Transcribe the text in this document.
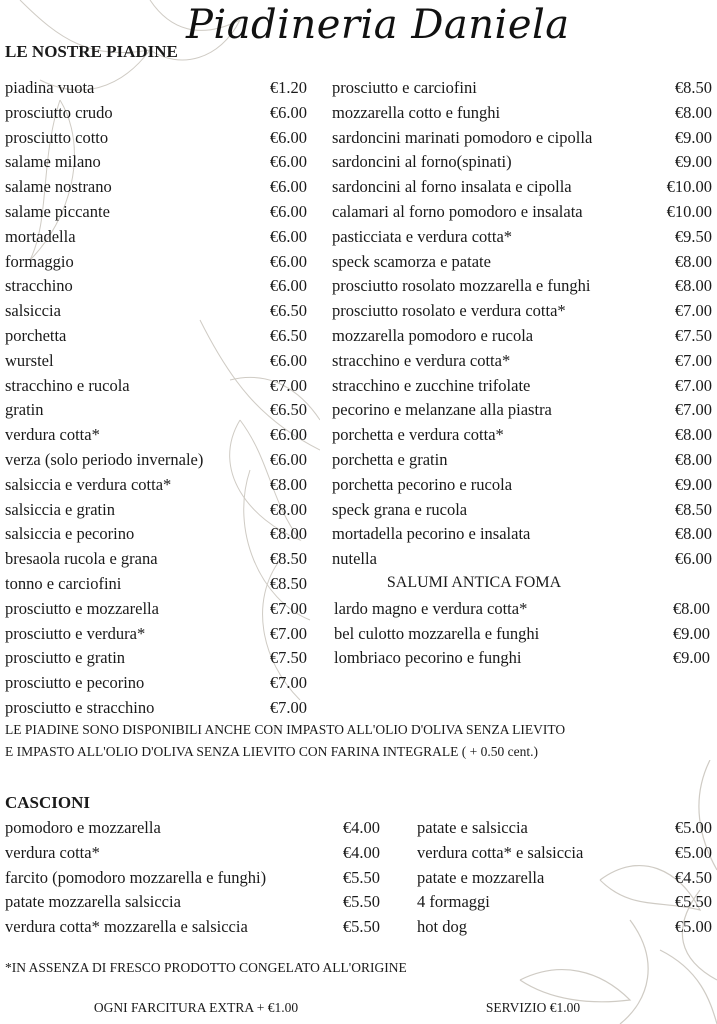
Piadineria Daniela
LE NOSTRE PIADINE
piadina vuota	€1.20
prosciutto crudo	€6.00
prosciutto cotto	€6.00
salame milano	€6.00
salame nostrano	€6.00
salame piccante	€6.00
mortadella	€6.00
formaggio	€6.00
stracchino	€6.00
salsiccia	€6.50
porchetta	€6.50
wurstel	€6.00
stracchino e rucola	€7.00
gratin	€6.50
verdura cotta*	€6.00
verza (solo periodo invernale)	€6.00
salsiccia e verdura cotta*	€8.00
salsiccia e gratin	€8.00
salsiccia e pecorino	€8.00
bresaola rucola e grana	€8.50
tonno e carciofini	€8.50
prosciutto e mozzarella	€7.00
prosciutto e verdura*	€7.00
prosciutto e gratin	€7.50
prosciutto e pecorino	€7.00
prosciutto e stracchino	€7.00
prosciutto e carciofini	€8.50
mozzarella cotto e funghi	€8.00
sardoncini marinati pomodoro e cipolla	€9.00
sardoncini al forno(spinati)	€9.00
sardoncini al forno insalata e cipolla	€10.00
calamari al forno pomodoro e insalata	€10.00
pasticciata e verdura cotta*	€9.50
speck scamorza e patate	€8.00
prosciutto rosolato mozzarella e funghi	€8.00
prosciutto rosolato e verdura cotta*	€7.00
mozzarella pomodoro e rucola	€7.50
stracchino e verdura cotta*	€7.00
stracchino e zucchine trifolate	€7.00
pecorino e melanzane alla piastra	€7.00
porchetta e verdura cotta*	€8.00
porchetta e gratin	€8.00
porchetta pecorino e rucola	€9.00
speck grana e rucola	€8.50
mortadella pecorino e insalata	€8.00
nutella	€6.00
lardo magno e verdura cotta*	€8.00
bel culotto mozzarella e funghi	€9.00
lombriaco pecorino e funghi	€9.00
pomodoro e mozzarella	€4.00
verdura cotta*	€4.00
farcito (pomodoro mozzarella e funghi)	€5.50
patate mozzarella salsiccia	€5.50
verdura cotta* mozzarella e salsiccia	€5.50
patate e salsiccia	€5.00
verdura cotta* e salsiccia	€5.00
patate e mozzarella	€4.50
4 formaggi	€5.50
hot dog	€5.00
SALUMI ANTICA FOMA
LE PIADINE SONO DISPONIBILI ANCHE CON IMPASTO ALL'OLIO D'OLIVA SENZA LIEVITO
E IMPASTO ALL'OLIO D'OLIVA SENZA LIEVITO CON FARINA INTEGRALE ( + 0.50 cent.)
CASCIONI
*IN ASSENZA DI FRESCO PRODOTTO CONGELATO ALL'ORIGINE
OGNI FARCITURA EXTRA + €1.00	SERVIZIO €1.00
